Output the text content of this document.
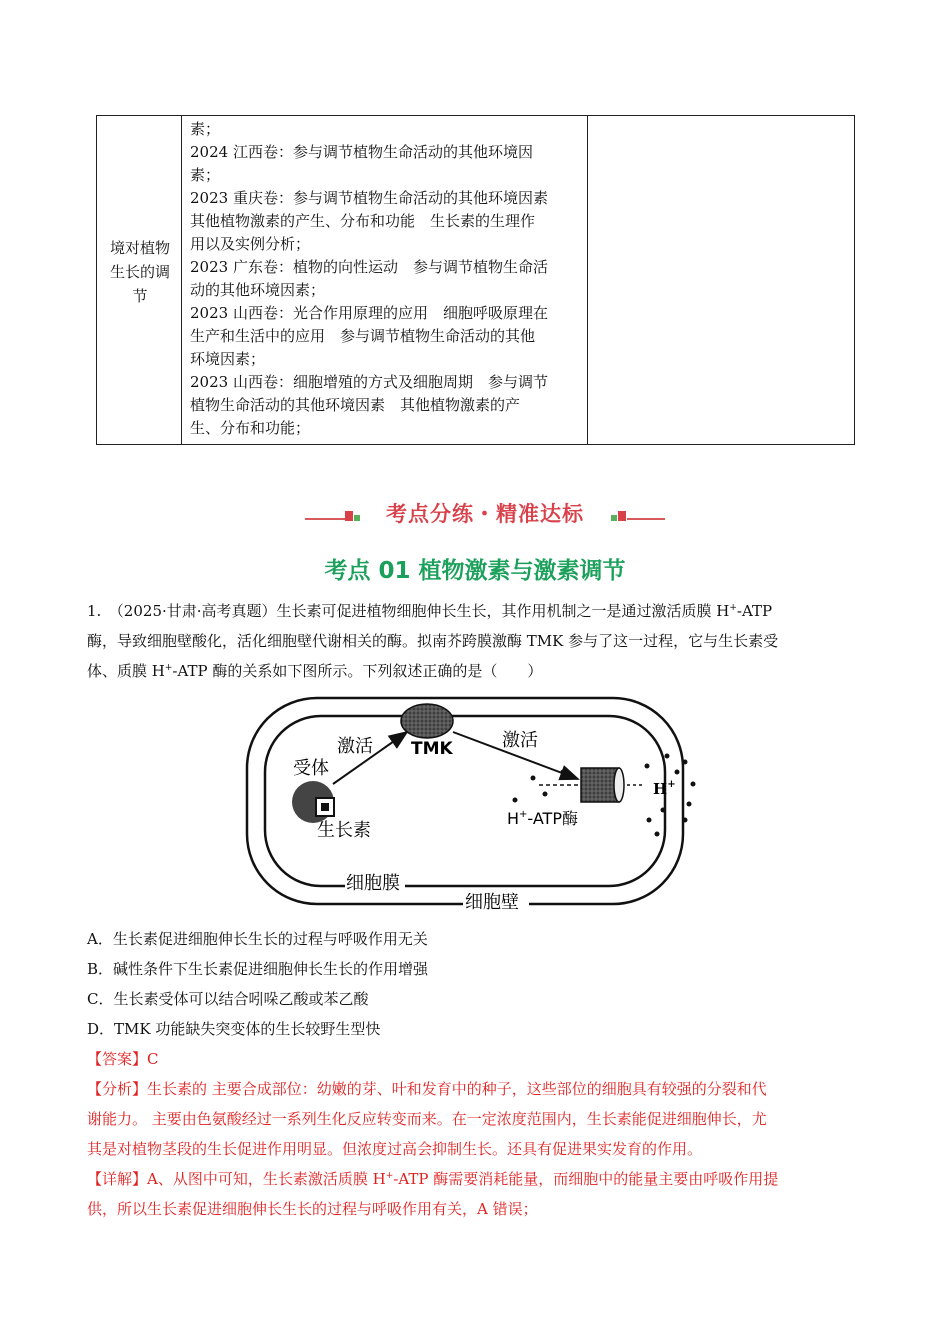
境对植物
生长的调
节
素；
2024 江西卷：参与调节植物生命活动的其他环境因
素；
2023 重庆卷：参与调节植物生命活动的其他环境因素
其他植物激素的产生、分布和功能　生长素的生理作
用以及实例分析；
2023 广东卷：植物的向性运动　参与调节植物生命活
动的其他环境因素；
2023 山西卷：光合作用原理的应用　细胞呼吸原理在
生产和生活中的应用　参与调节植物生命活动的其他
环境因素；
2023 山西卷：细胞增殖的方式及细胞周期　参与调节
植物生命活动的其他环境因素　其他植物激素的产
生、分布和功能；
考点分练・精准达标
考点 01 植物激素与激素调节
1.　（2025·甘肃·高考真题）生长素可促进植物细胞伸长生长，其作用机制之一是通过激活质膜 H+-ATP
酶，导致细胞壁酸化，活化细胞壁代谢相关的酶。拟南芥跨膜激酶 TMK 参与了这一过程，它与生长素受
体、质膜 H+-ATP 酶的关系如下图所示。下列叙述正确的是（　　）
激活 TMK	激活
受体
生长素
H+
H+-ATP酶
细胞膜
细胞壁
A．生长素促进细胞伸长生长的过程与呼吸作用无关
B．碱性条件下生长素促进细胞伸长生长的作用增强
C．生长素受体可以结合吲哚乙酸或苯乙酸
D．TMK 功能缺失突变体的生长较野生型快
【答案】C
【分析】生长素的 主要合成部位：幼嫩的芽、叶和发育中的种子，这些部位的细胞具有较强的分裂和代
谢能力。 主要由色氨酸经过一系列生化反应转变而来。在一定浓度范围内，生长素能促进细胞伸长，尤
其是对植物茎段的生长促进作用明显。但浓度过高会抑制生长。还具有促进果实发育的作用。
【详解】A、从图中可知，生长素激活质膜 H+-ATP 酶需要消耗能量，而细胞中的能量主要由呼吸作用提
供，所以生长素促进细胞伸长生长的过程与呼吸作用有关，A 错误；
